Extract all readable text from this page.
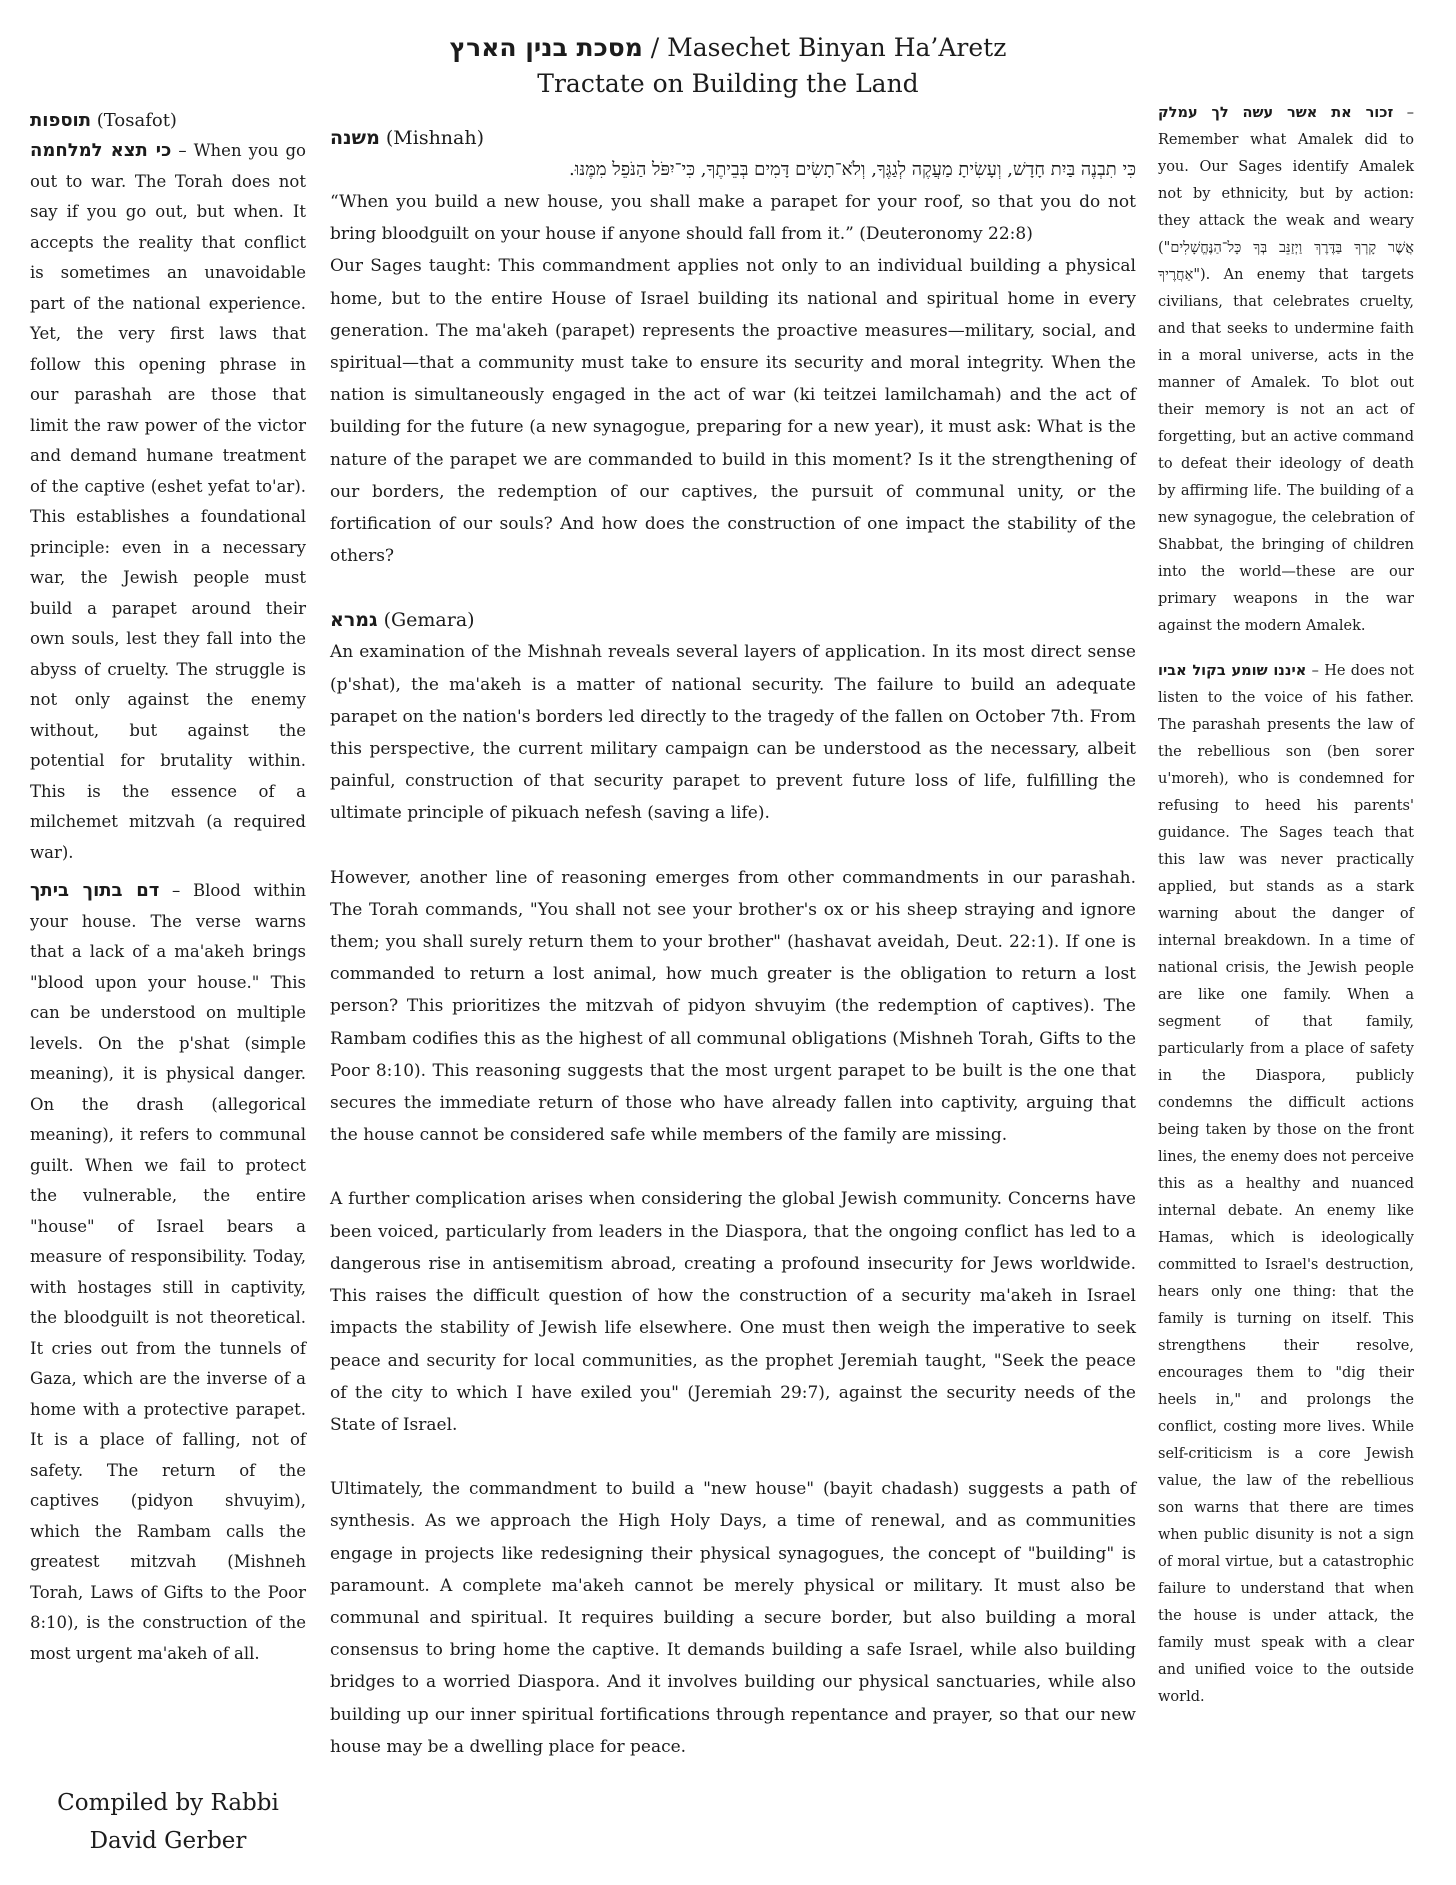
מסכת בנין הארץ / Masechet Binyan Ha’Aretz
Tractate on Building the Land

תוספות (Tosafot)

כי תצא למלחמה – When you go out to war. The Torah does not say if you go out, but when. It accepts the reality that conflict is sometimes an unavoidable part of the national experience. Yet, the very first laws that follow this opening phrase in our parashah are those that limit the raw power of the victor and demand humane treatment of the captive (eshet yefat to'ar). This establishes a foundational principle: even in a necessary war, the Jewish people must build a parapet around their own souls, lest they fall into the abyss of cruelty. The struggle is not only against the enemy without, but against the potential for brutality within. This is the essence of a milchemet mitzvah (a required war).

דם בתוך ביתך – Blood within your house. The verse warns that a lack of a ma'akeh brings "blood upon your house." This can be understood on multiple levels. On the p'shat (simple meaning), it is physical danger. On the drash (allegorical meaning), it refers to communal guilt. When we fail to protect the vulnerable, the entire "house" of Israel bears a measure of responsibility. Today, with hostages still in captivity, the bloodguilt is not theoretical. It cries out from the tunnels of Gaza, which are the inverse of a home with a protective parapet. It is a place of falling, not of safety. The return of the captives (pidyon shvuyim), which the Rambam calls the greatest mitzvah (Mishneh Torah, Laws of Gifts to the Poor 8:10), is the construction of the most urgent ma'akeh of all.

Compiled by Rabbi David Gerber

משנה (Mishnah)

כִּי תִבְנֶה בַּיִת חָדָשׁ, וְעָשִׂיתָ מַעֲקֶה לְגַגֶּךָ, וְלֹא־תָשִׂים דָּמִים בְּבֵיתֶךָ, כִּי־יִפֹּל הַנֹּפֵל מִמֶּנּוּ.

“When you build a new house, you shall make a parapet for your roof, so that you do not bring bloodguilt on your house if anyone should fall from it.” (Deuteronomy 22:8)

Our Sages taught: This commandment applies not only to an individual building a physical home, but to the entire House of Israel building its national and spiritual home in every generation. The ma'akeh (parapet) represents the proactive measures—military, social, and spiritual—that a community must take to ensure its security and moral integrity. When the nation is simultaneously engaged in the act of war (ki teitzei lamilchamah) and the act of building for the future (a new synagogue, preparing for a new year), it must ask: What is the nature of the parapet we are commanded to build in this moment? Is it the strengthening of our borders, the redemption of our captives, the pursuit of communal unity, or the fortification of our souls? And how does the construction of one impact the stability of the others?

גמרא (Gemara)

An examination of the Mishnah reveals several layers of application. In its most direct sense (p'shat), the ma'akeh is a matter of national security. The failure to build an adequate parapet on the nation's borders led directly to the tragedy of the fallen on October 7th. From this perspective, the current military campaign can be understood as the necessary, albeit painful, construction of that security parapet to prevent future loss of life, fulfilling the ultimate principle of pikuach nefesh (saving a life).

However, another line of reasoning emerges from other commandments in our parashah. The Torah commands, "You shall not see your brother's ox or his sheep straying and ignore them; you shall surely return them to your brother" (hashavat aveidah, Deut. 22:1). If one is commanded to return a lost animal, how much greater is the obligation to return a lost person? This prioritizes the mitzvah of pidyon shvuyim (the redemption of captives). The Rambam codifies this as the highest of all communal obligations (Mishneh Torah, Gifts to the Poor 8:10). This reasoning suggests that the most urgent parapet to be built is the one that secures the immediate return of those who have already fallen into captivity, arguing that the house cannot be considered safe while members of the family are missing.

A further complication arises when considering the global Jewish community. Concerns have been voiced, particularly from leaders in the Diaspora, that the ongoing conflict has led to a dangerous rise in antisemitism abroad, creating a profound insecurity for Jews worldwide. This raises the difficult question of how the construction of a security ma'akeh in Israel impacts the stability of Jewish life elsewhere. One must then weigh the imperative to seek peace and security for local communities, as the prophet Jeremiah taught, "Seek the peace of the city to which I have exiled you" (Jeremiah 29:7), against the security needs of the State of Israel.

Ultimately, the commandment to build a "new house" (bayit chadash) suggests a path of synthesis. As we approach the High Holy Days, a time of renewal, and as communities engage in projects like redesigning their physical synagogues, the concept of "building" is paramount. A complete ma'akeh cannot be merely physical or military. It must also be communal and spiritual. It requires building a secure border, but also building a moral consensus to bring home the captive. It demands building a safe Israel, while also building bridges to a worried Diaspora. And it involves building our physical sanctuaries, while also building up our inner spiritual fortifications through repentance and prayer, so that our new house may be a dwelling place for peace.

זכור את אשר עשה לך עמלק – Remember what Amalek did to you. Our Sages identify Amalek not by ethnicity, but by action: they attack the weak and weary ("אֲשֶׁר קָרְךָ בַּדֶּרֶךְ וַיְזַנֵּב בְּךָ כָּל־הַנֶּחֱשָׁלִים אַחֲרֶיךָ"). An enemy that targets civilians, that celebrates cruelty, and that seeks to undermine faith in a moral universe, acts in the manner of Amalek. To blot out their memory is not an act of forgetting, but an active command to defeat their ideology of death by affirming life. The building of a new synagogue, the celebration of Shabbat, the bringing of children into the world—these are our primary weapons in the war against the modern Amalek.

איננו שומע בקול אביו – He does not listen to the voice of his father. The parashah presents the law of the rebellious son (ben sorer u'moreh), who is condemned for refusing to heed his parents' guidance. The Sages teach that this law was never practically applied, but stands as a stark warning about the danger of internal breakdown. In a time of national crisis, the Jewish people are like one family. When a segment of that family, particularly from a place of safety in the Diaspora, publicly condemns the difficult actions being taken by those on the front lines, the enemy does not perceive this as a healthy and nuanced internal debate. An enemy like Hamas, which is ideologically committed to Israel's destruction, hears only one thing: that the family is turning on itself. This strengthens their resolve, encourages them to "dig their heels in," and prolongs the conflict, costing more lives. While self-criticism is a core Jewish value, the law of the rebellious son warns that there are times when public disunity is not a sign of moral virtue, but a catastrophic failure to understand that when the house is under attack, the family must speak with a clear and unified voice to the outside world.
